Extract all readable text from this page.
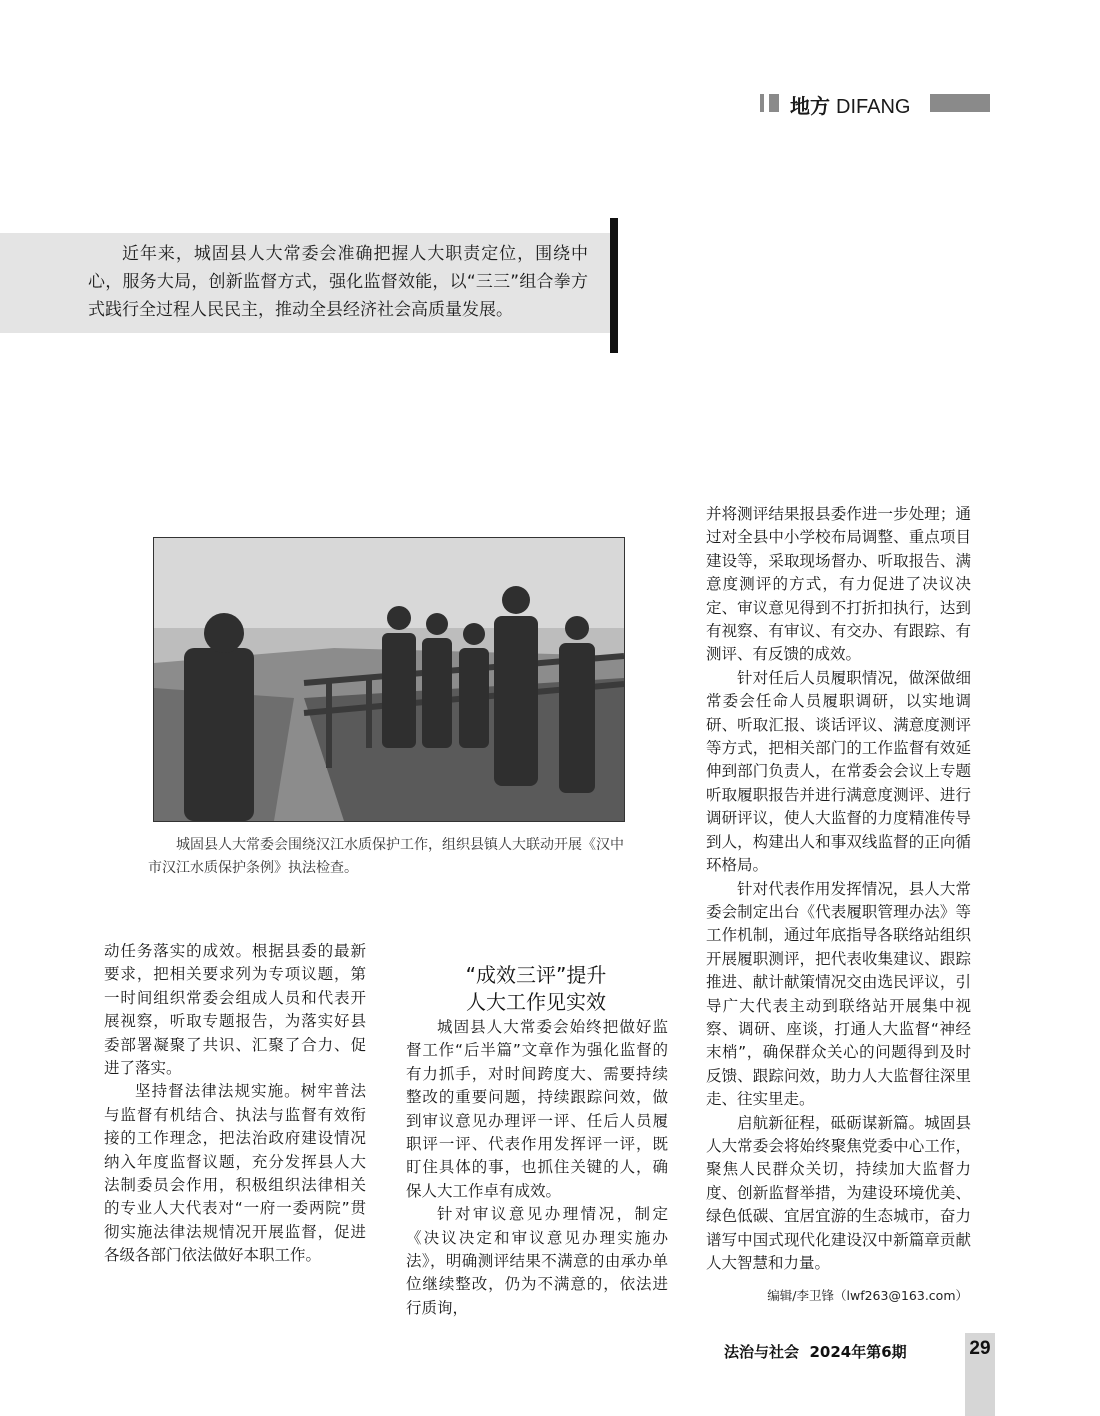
地方 DIFANG

近年来，城固县人大常委会准确把握人大职责定位，围绕中心，服务大局，创新监督方式，强化监督效能，以“三三”组合拳方式践行全过程人民民主，推动全县经济社会高质量发展。

城固县人大常委会围绕汉江水质保护工作，组织县镇人大联动开展《汉中市汉江水质保护条例》执法检查。

动任务落实的成效。根据县委的最新要求，把相关要求列为专项议题，第一时间组织常委会组成人员和代表开展视察，听取专题报告，为落实好县委部署凝聚了共识、汇聚了合力、促进了落实。

坚持督法律法规实施。树牢普法与监督有机结合、执法与监督有效衔接的工作理念，把法治政府建设情况纳入年度监督议题，充分发挥县人大法制委员会作用，积极组织法律相关的专业人大代表对“一府一委两院”贯彻实施法律法规情况开展监督，促进各级各部门依法做好本职工作。

“成效三评”提升
人大工作见实效

城固县人大常委会始终把做好监督工作“后半篇”文章作为强化监督的有力抓手，对时间跨度大、需要持续整改的重要问题，持续跟踪问效，做到审议意见办理评一评、任后人员履职评一评、代表作用发挥评一评，既盯住具体的事，也抓住关键的人，确保人大工作卓有成效。

针对审议意见办理情况，制定《决议决定和审议意见办理实施办法》，明确测评结果不满意的由承办单位继续整改，仍为不满意的，依法进行质询，

并将测评结果报县委作进一步处理；通过对全县中小学校布局调整、重点项目建设等，采取现场督办、听取报告、满意度测评的方式，有力促进了决议决定、审议意见得到不打折扣执行，达到有视察、有审议、有交办、有跟踪、有测评、有反馈的成效。

针对任后人员履职情况，做深做细常委会任命人员履职调研，以实地调研、听取汇报、谈话评议、满意度测评等方式，把相关部门的工作监督有效延伸到部门负责人，在常委会会议上专题听取履职报告并进行满意度测评、进行调研评议，使人大监督的力度精准传导到人，构建出人和事双线监督的正向循环格局。

针对代表作用发挥情况，县人大常委会制定出台《代表履职管理办法》等工作机制，通过年底指导各联络站组织开展履职测评，把代表收集建议、跟踪推进、献计献策情况交由选民评议，引导广大代表主动到联络站开展集中视察、调研、座谈，打通人大监督“神经末梢”，确保群众关心的问题得到及时反馈、跟踪问效，助力人大监督往深里走、往实里走。

启航新征程，砥砺谋新篇。城固县人大常委会将始终聚焦党委中心工作，聚焦人民群众关切，持续加大监督力度、创新监督举措，为建设环境优美、绿色低碳、宜居宜游的生态城市，奋力谱写中国式现代化建设汉中新篇章贡献人大智慧和力量。

编辑/李卫锋（lwf263@163.com）
法治与社会 2024年第6期	29
